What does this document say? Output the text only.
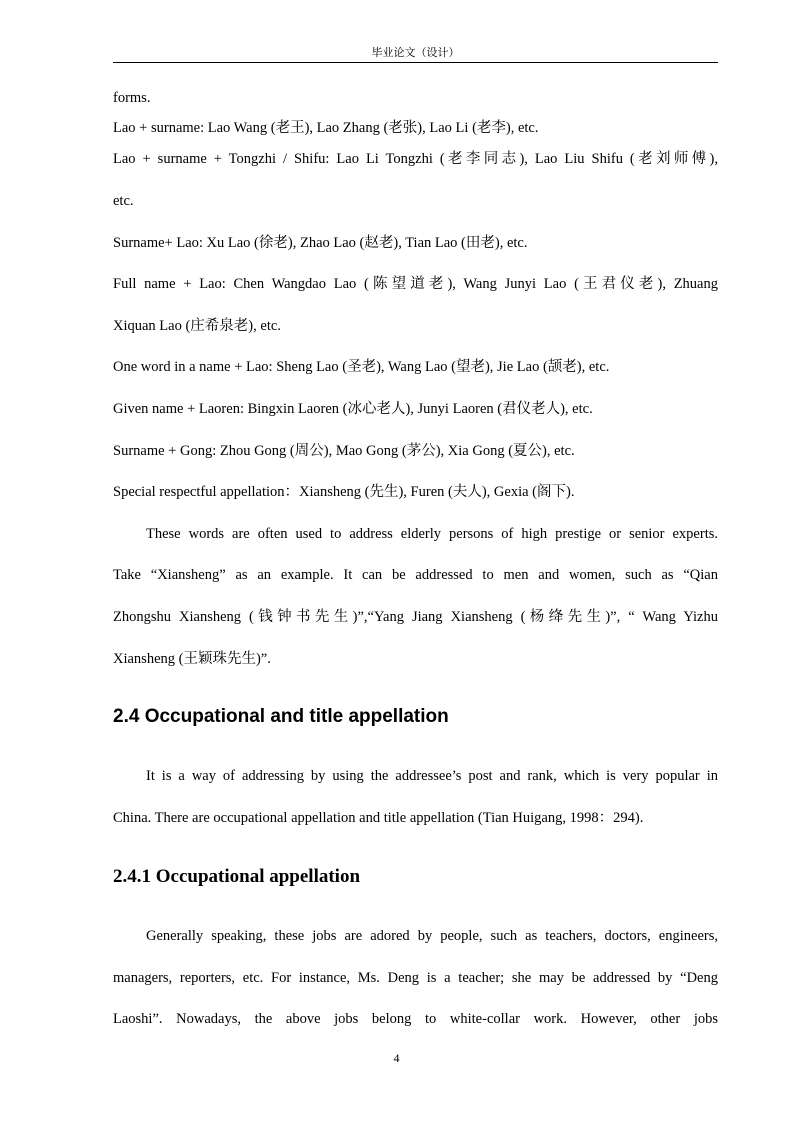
毕业论文（设计）
forms.
Lao + surname: Lao Wang (老王), Lao Zhang (老张), Lao Li (老李), etc.
Lao + surname + Tongzhi / Shifu: Lao Li Tongzhi (老李同志), Lao Liu Shifu (老刘师傅),
etc.
Surname+ Lao: Xu Lao (徐老), Zhao Lao (赵老), Tian Lao (田老), etc.
Full name + Lao: Chen Wangdao Lao (陈望道老), Wang Junyi Lao (王君仪老), Zhuang
Xiquan Lao (庄希泉老), etc.
One word in a name + Lao: Sheng Lao (圣老), Wang Lao (望老), Jie Lao (颉老), etc.
Given name + Laoren: Bingxin Laoren (冰心老人), Junyi Laoren (君仪老人), etc.
Surname + Gong: Zhou Gong (周公), Mao Gong (茅公), Xia Gong (夏公), etc.
Special respectful appellation：Xiansheng (先生), Furen (夫人), Gexia (阁下).
These words are often used to address elderly persons of high prestige or senior experts.
Take “Xiansheng” as an example. It can be addressed to men and women, such as “Qian
Zhongshu Xiansheng (钱钟书先生)”,“Yang Jiang Xiansheng (杨绛先生)”, “ Wang Yizhu
Xiansheng (王颖珠先生)”.
2.4 Occupational and title appellation
It is a way of addressing by using the addressee’s post and rank, which is very popular in
China. There are occupational appellation and title appellation (Tian Huigang, 1998：294).
2.4.1 Occupational appellation
Generally speaking, these jobs are adored by people, such as teachers, doctors, engineers,
managers, reporters, etc. For instance, Ms. Deng is a teacher; she may be addressed by “Deng
Laoshi”. Nowadays, the above jobs belong to white-collar work. However, other jobs
4
